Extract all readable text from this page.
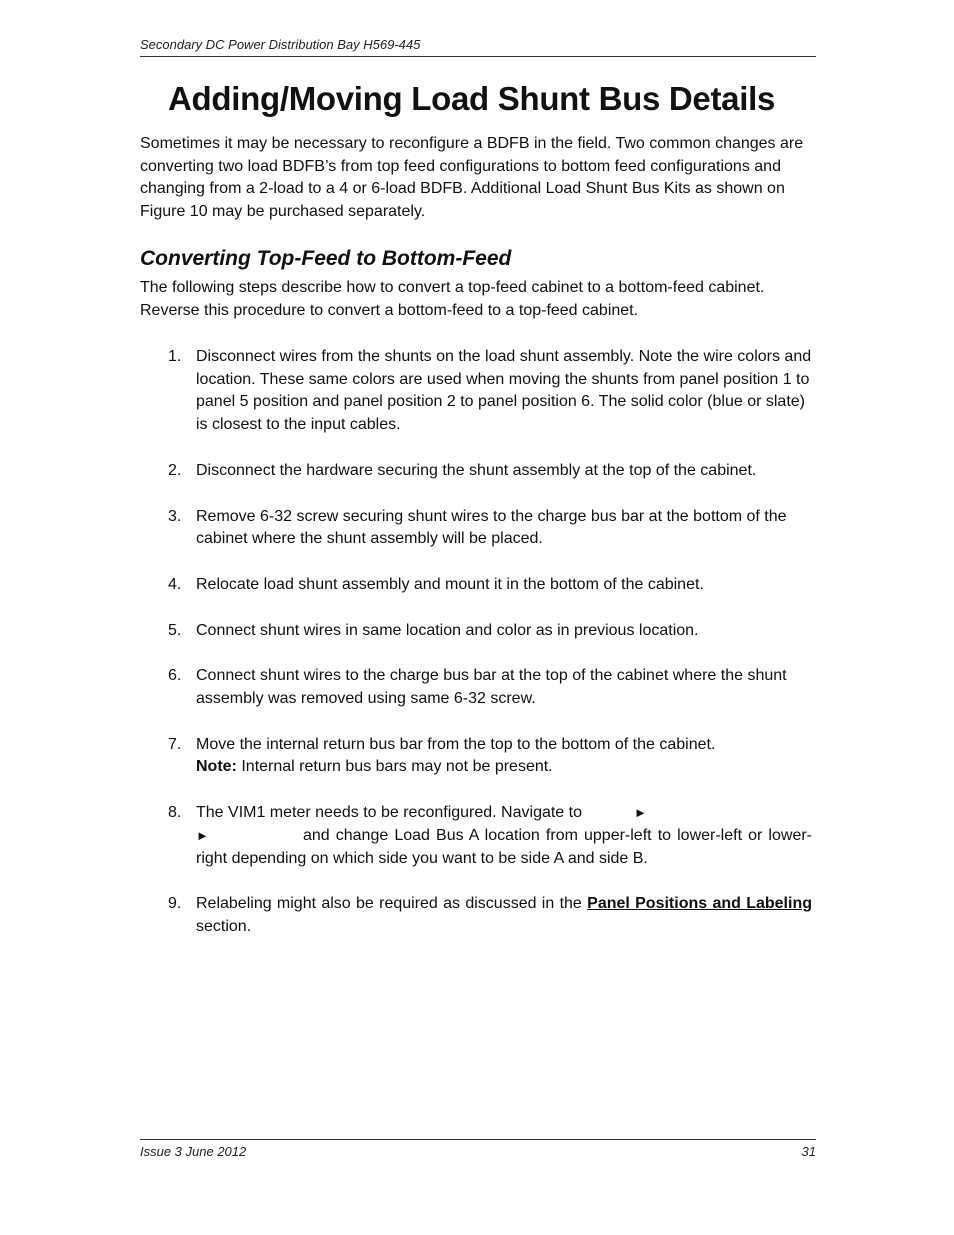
Secondary DC Power Distribution Bay H569-445
Adding/Moving Load Shunt Bus Details

Sometimes it may be necessary to reconfigure a BDFB in the field. Two common changes are converting two load BDFB’s from top feed configurations to bottom feed configurations and changing from a 2-load to a 4 or 6-load BDFB. Additional Load Shunt Bus Kits as shown on Figure 10 may be purchased separately.

Converting Top-Feed to Bottom-Feed

The following steps describe how to convert a top-feed cabinet to a bottom-feed cabinet. Reverse this procedure to convert a bottom-feed to a top-feed cabinet.

1. Disconnect wires from the shunts on the load shunt assembly. Note the wire colors and location. These same colors are used when moving the shunts from panel position 1 to panel 5 position and panel position 2 to panel position 6. The solid color (blue or slate) is closest to the input cables.
2. Disconnect the hardware securing the shunt assembly at the top of the cabinet.
3. Remove 6-32 screw securing shunt wires to the charge bus bar at the bottom of the cabinet where the shunt assembly will be placed.
4. Relocate load shunt assembly and mount it in the bottom of the cabinet.
5. Connect shunt wires in same location and color as in previous location.
6. Connect shunt wires to the charge bus bar at the top of the cabinet where the shunt assembly was removed using same 6-32 screw.
7. Move the internal return bus bar from the top to the bottom of the cabinet.
Note: Internal return bus bars may not be present.
8. The VIM1 meter needs to be reconfigured. Navigate to	►
►	and change Load Bus A location from upper-left to lower-left or lower-right depending on which side you want to be side A and side B.
9. Relabeling might also be required as discussed in the Panel Positions and Labeling section.
Issue 3 June 2012	31
